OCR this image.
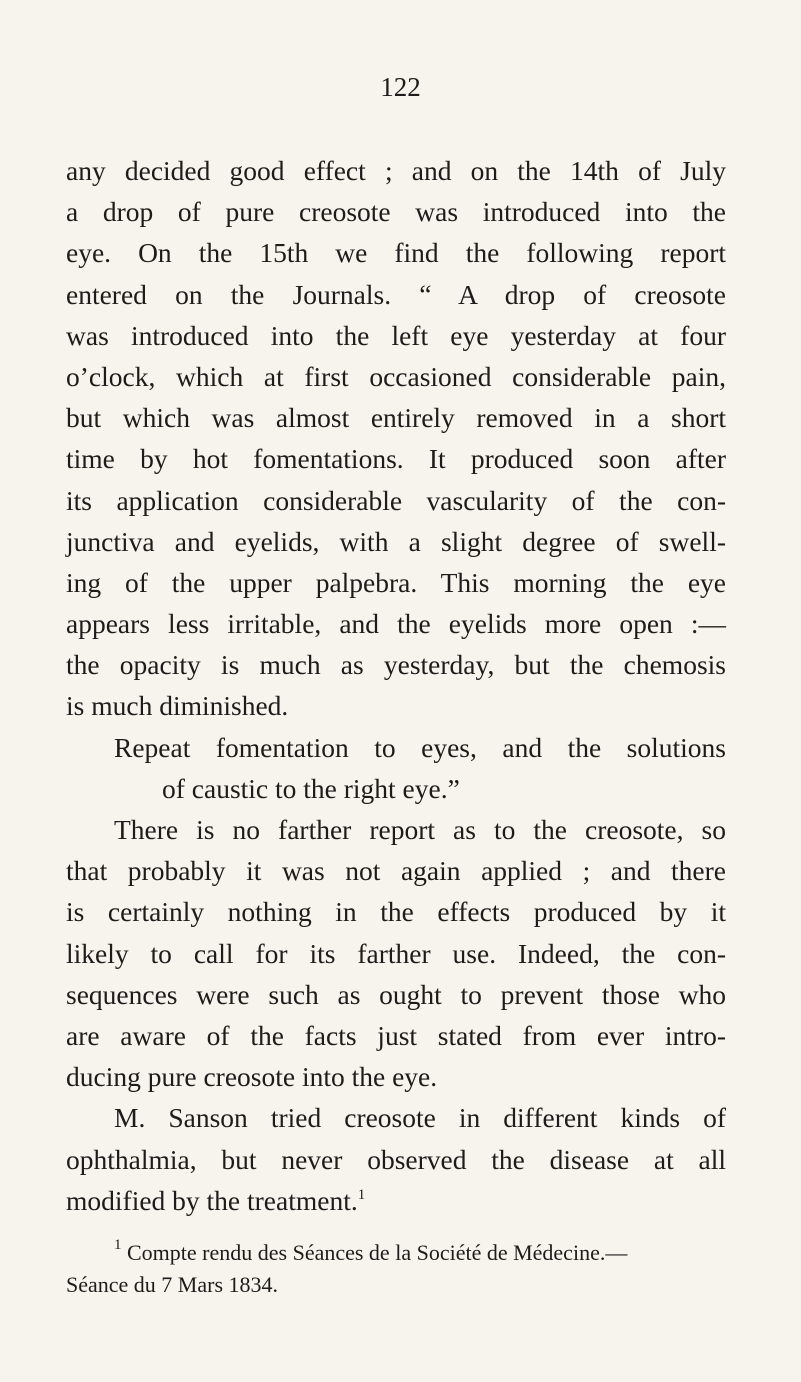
122
any decided good effect ; and on the 14th of July
a drop of pure creosote was introduced into the
eye. On the 15th we find the following report
entered on the Journals. “ A drop of creosote
was introduced into the left eye yesterday at four
o’clock, which at first occasioned considerable pain,
but which was almost entirely removed in a short
time by hot fomentations. It produced soon after
its application considerable vascularity of the con-
junctiva and eyelids, with a slight degree of swell-
ing of the upper palpebra. This morning the eye
appears less irritable, and the eyelids more open :—
the opacity is much as yesterday, but the chemosis
is much diminished.
Repeat fomentation to eyes, and the solutions
of caustic to the right eye.”
There is no farther report as to the creosote, so
that probably it was not again applied ; and there
is certainly nothing in the effects produced by it
likely to call for its farther use. Indeed, the con-
sequences were such as ought to prevent those who
are aware of the facts just stated from ever intro-
ducing pure creosote into the eye.
M. Sanson tried creosote in different kinds of
ophthalmia, but never observed the disease at all
modified by the treatment.$^1$
$^1$ Compte rendu des Séances de la Société de Médecine.—
Séance du 7 Mars 1834.
